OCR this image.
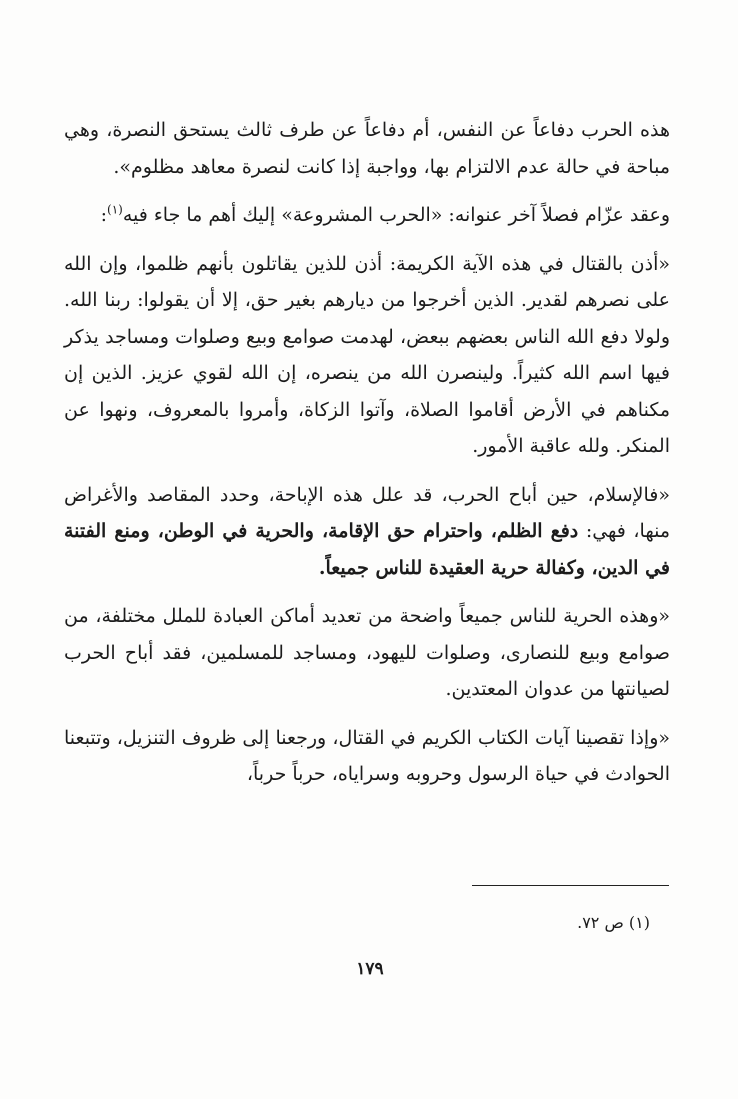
هذه الحرب دفاعاً عن النفس، أم دفاعاً عن طرف ثالث يستحق النصرة، وهي مباحة في حالة عدم الالتزام بها، وواجبة إذا كانت لنصرة معاهد مظلوم».

وعقد عزّام فصلاً آخر عنوانه: «الحرب المشروعة» إليك أهم ما جاء فيه$^{(١)}$:

«أذن بالقتال في هذه الآية الكريمة: أذن للذين يقاتلون بأنهم ظلموا، وإن الله على نصرهم لقدير. الذين أخرجوا من ديارهم بغير حق، إلا أن يقولوا: ربنا الله. ولولا دفع الله الناس بعضهم ببعض، لهدمت صوامع وبيع وصلوات ومساجد يذكر فيها اسم الله كثيراً. ولينصرن الله من ينصره، إن الله لقوي عزيز. الذين إن مكناهم في الأرض أقاموا الصلاة، وآتوا الزكاة، وأمروا بالمعروف، ونهوا عن المنكر. ولله عاقبة الأمور.

«فالإسلام، حين أباح الحرب، قد علل هذه الإباحة، وحدد المقاصد والأغراض منها، فهي: دفع الظلم، واحترام حق الإقامة، والحرية في الوطن، ومنع الفتنة في الدين، وكفالة حرية العقيدة للناس جميعاً.

«وهذه الحرية للناس جميعاً واضحة من تعديد أماكن العبادة للملل مختلفة، من صوامع وبيع للنصارى، وصلوات لليهود، ومساجد للمسلمين، فقد أباح الحرب لصيانتها من عدوان المعتدين.

«وإذا تقصينا آيات الكتاب الكريم في القتال، ورجعنا إلى ظروف التنزيل، وتتبعنا الحوادث في حياة الرسول وحروبه وسراياه، حرباً حرباً،

(١) ص ٧٢.
١٧٩
